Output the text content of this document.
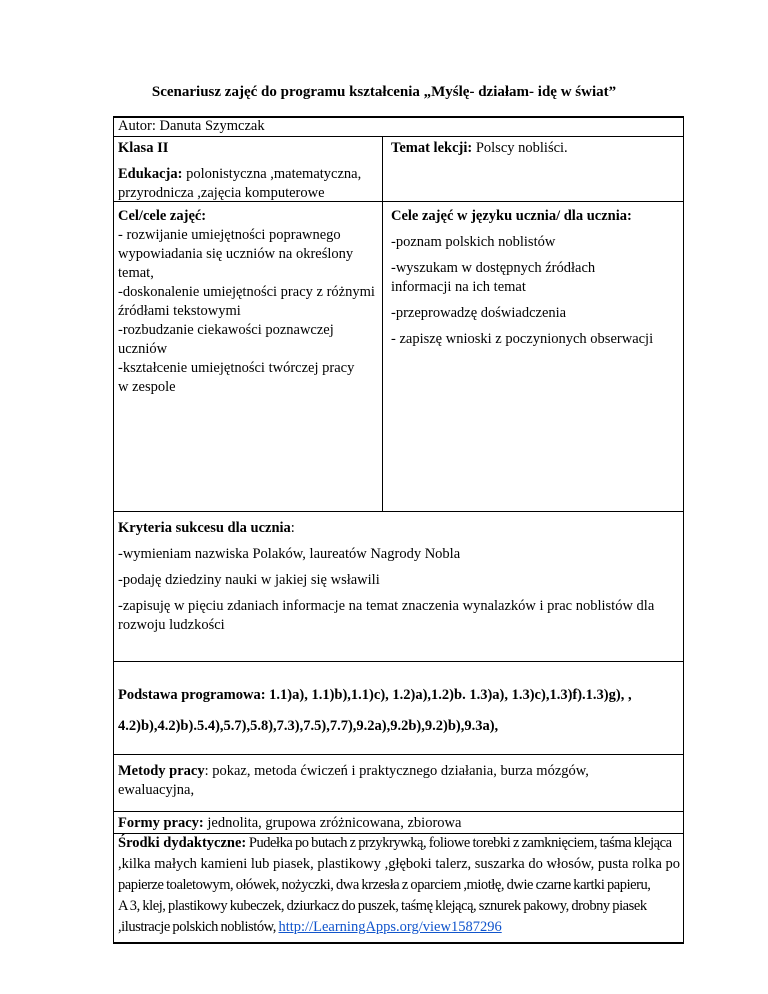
Scenariusz zajęć do programu kształcenia „Myślę- działam- idę w świat”
Autor: Danuta Szymczak
Klasa II
Edukacja: polonistyczna ,matematyczna, przyrodnicza ,zajęcia komputerowe
Temat lekcji: Polscy nobliści.
Cel/cele zajęć:
- rozwijanie umiejętności poprawnego wypowiadania się uczniów na określony temat,
-doskonalenie umiejętności pracy z różnymi źródłami tekstowymi
-rozbudzanie ciekawości poznawczej uczniów
-kształcenie umiejętności twórczej pracy w zespole
Cele zajęć w języku ucznia/ dla ucznia:
-poznam polskich noblistów
-wyszukam w dostępnych źródłach informacji na ich temat
-przeprowadzę doświadczenia
- zapiszę wnioski z poczynionych obserwacji
Kryteria sukcesu dla ucznia:
-wymieniam nazwiska Polaków, laureatów Nagrody Nobla
-podaję dziedziny nauki w jakiej się wsławili
-zapisuję w pięciu zdaniach informacje na temat znaczenia wynalazków i prac noblistów dla rozwoju ludzkości
Podstawa programowa: 1.1)a), 1.1)b),1.1)c), 1.2)a),1.2)b. 1.3)a), 1.3)c),1.3)f).1.3)g), ,
4.2)b),4.2)b).5.4),5.7),5.8),7.3),7.5),7.7),9.2a),9.2b),9.2)b),9.3a),
Metody pracy: pokaz, metoda ćwiczeń i praktycznego działania, burza mózgów, ewaluacyjna,
Formy pracy: jednolita, grupowa zróżnicowana, zbiorowa
Środki dydaktyczne: Pudełka po butach z przykrywką, foliowe torebki z zamknięciem, taśma klejąca
,kilka małych kamieni lub piasek, plastikowy ,głęboki talerz, suszarka do włosów, pusta rolka po
papierze toaletowym, ołówek, nożyczki, dwa krzesła z oparciem ,miotłę, dwie czarne kartki papieru,
A 3, klej, plastikowy kubeczek, dziurkacz do puszek, taśmę klejącą, sznurek pakowy, drobny piasek
,ilustracje polskich noblistów, http://LearningApps.org/view1587296
